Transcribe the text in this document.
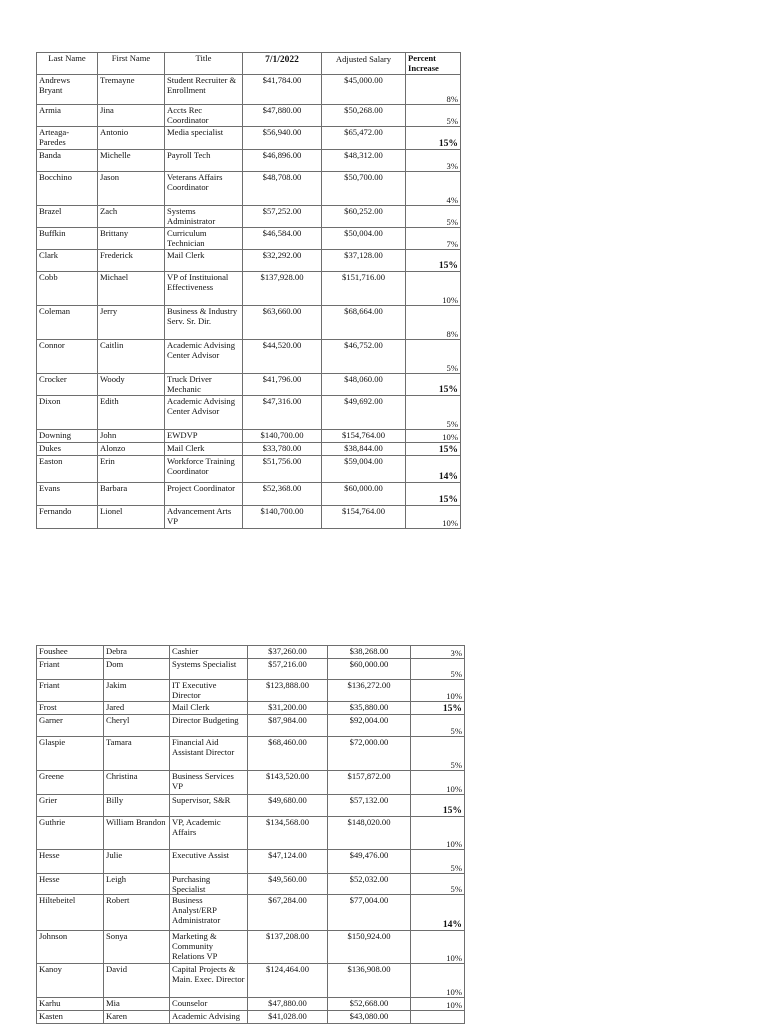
Last Name	First Name	Title	7/1/2022	Adjusted Salary	Percent Increase
Andrews Bryant	Tremayne	Student Recruiter & Enrollment	$41,784.00	$45,000.00	8%
Armia	Jina	Accts Rec Coordinator	$47,880.00	$50,268.00	5%
Arteaga-Paredes	Antonio	Media specialist	$56,940.00	$65,472.00	15%
Banda	Michelle	Payroll Tech	$46,896.00	$48,312.00	3%
Bocchino	Jason	Veterans Affairs Coordinator	$48,708.00	$50,700.00	4%
Brazel	Zach	Systems Administrator	$57,252.00	$60,252.00	5%
Buffkin	Brittany	Curriculum Technician	$46,584.00	$50,004.00	7%
Clark	Frederick	Mail Clerk	$32,292.00	$37,128.00	15%
Cobb	Michael	VP of Instituional Effectiveness	$137,928.00	$151,716.00	10%
Coleman	Jerry	Business & Industry Serv. Sr. Dir.	$63,660.00	$68,664.00	8%
Connor	Caitlin	Academic Advising Center Advisor	$44,520.00	$46,752.00	5%
Crocker	Woody	Truck Driver Mechanic	$41,796.00	$48,060.00	15%
Dixon	Edith	Academic Advising Center Advisor	$47,316.00	$49,692.00	5%
Downing	John	EWDVP	$140,700.00	$154,764.00	10%
Dukes	Alonzo	Mail Clerk	$33,780.00	$38,844.00	15%
Easton	Erin	Workforce Training Coordinator	$51,756.00	$59,004.00	14%
Evans	Barbara	Project Coordinator	$52,368.00	$60,000.00	15%
Fernando	Lionel	Advancement Arts VP	$140,700.00	$154,764.00	10%
Foushee	Debra	Cashier	$37,260.00	$38,268.00	3%
Friant	Dom	Systems Specialist	$57,216.00	$60,000.00	5%
Friant	Jakim	IT Executive Director	$123,888.00	$136,272.00	10%
Frost	Jared	Mail Clerk	$31,200.00	$35,880.00	15%
Garner	Cheryl	Director Budgeting	$87,984.00	$92,004.00	5%
Glaspie	Tamara	Financial Aid Assistant Director	$68,460.00	$72,000.00	5%
Greene	Christina	Business Services VP	$143,520.00	$157,872.00	10%
Grier	Billy	Supervisor, S&R	$49,680.00	$57,132.00	15%
Guthrie	William Brandon	VP, Academic Affairs	$134,568.00	$148,020.00	10%
Hesse	Julie	Executive Assist	$47,124.00	$49,476.00	5%
Hesse	Leigh	Purchasing Specialist	$49,560.00	$52,032.00	5%
Hiltebeitel	Robert	Business Analyst/ERP Administrator	$67,284.00	$77,004.00	14%
Johnson	Sonya	Marketing & Community Relations VP	$137,208.00	$150,924.00	10%
Kanoy	David	Capital Projects & Main. Exec. Director	$124,464.00	$136,908.00	10%
Karhu	Mia	Counselor	$47,880.00	$52,668.00	10%
Kasten	Karen	Academic Advising	$41,028.00	$43,080.00	
